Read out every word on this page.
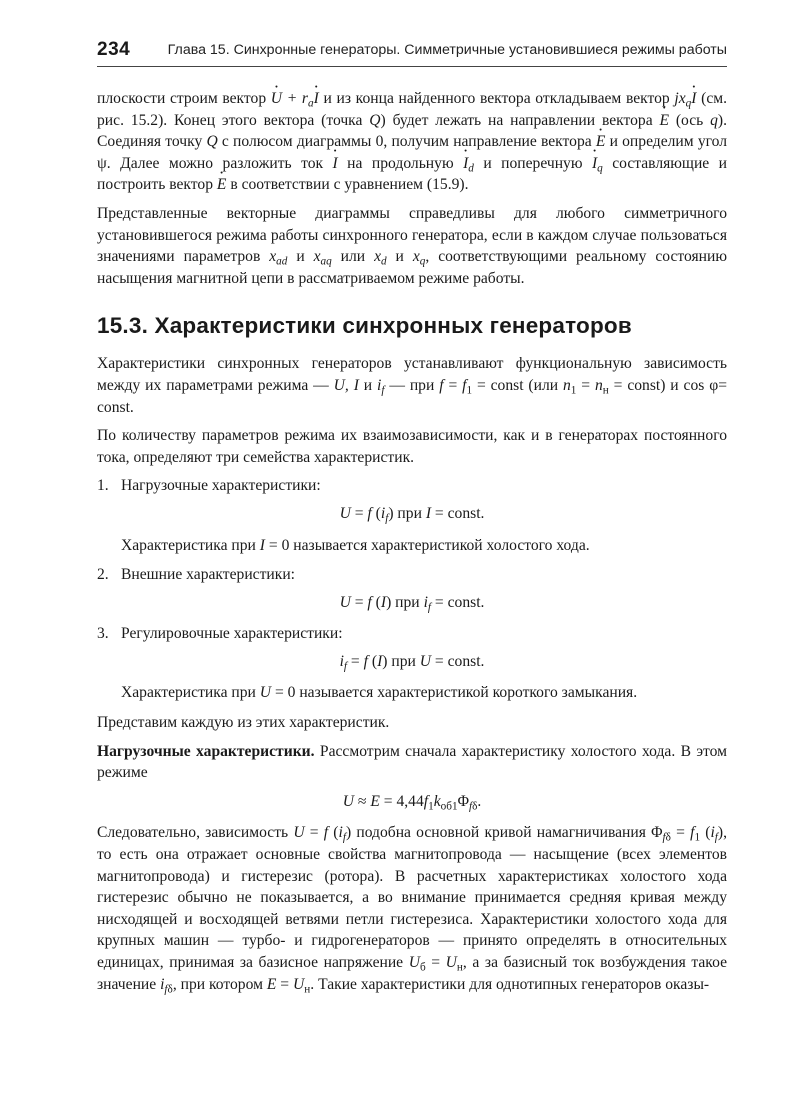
234	Глава 15. Синхронные генераторы. Симметричные установившиеся режимы работы

плоскости строим вектор · $U + r_a\cdot I$ и из конца найденного вектора откладываем вектор $jx_q\cdot I$ (см. рис. 15.2). Конец этого вектора (точка Q) будет лежать на направлении вектора · E (ось q). Соединяя точку Q с полюсом диаграммы 0, получим направление вектора · E и определим угол ψ. Далее можно разложить ток · I на продольную · $I_d$ и поперечную · $I_q$ составляющие и построить вектор · E в соответствии с уравнением (15.9).

Представленные векторные диаграммы справедливы для любого симметричного установившегося режима работы синхронного генератора, если в каждом случае пользоваться значениями параметров $x_{ad}$ и $x_{aq}$ или $x_d$ и $x_q$, соответствующими реальному состоянию насыщения магнитной цепи в рассматриваемом режиме работы.

15.3. Характеристики синхронных генераторов

Характеристики синхронных генераторов устанавливают функциональную зависимость между их параметрами режима — U, I и $i_f$ — при $f = f_1$ = const (или $n_1 = n_н$ = const) и cos φ= const.

По количеству параметров режима их взаимозависимости, как и в генераторах постоянного тока, определяют три семейства характеристик.

1. Нагрузочные характеристики:
U = f $(i_f)$ при I = const.
Характеристика при I = 0 называется характеристикой холостого хода.
2. Внешние характеристики:
U = f (I) при $i_f$ = const.
3. Регулировочные характеристики:
$i_f = f$ (I) при U = const.
Характеристика при U = 0 называется характеристикой короткого замыкания.

Представим каждую из этих характеристик.

Нагрузочные характеристики. Рассмотрим сначала характеристику холостого хода. В этом режиме

$U \approx E = 4,44f_1k_{об1}\Phi_{f\delta}$.

Следовательно, зависимость U = f $(i_f)$ подобна основной кривой намагничивания $\Phi_{f\delta} = f_1$ $(i_f)$, то есть она отражает основные свойства магнитопровода — насыщение (всех элементов магнитопровода) и гистерезис (ротора). В расчетных характеристиках холостого хода гистерезис обычно не показывается, а во внимание принимается средняя кривая между нисходящей и восходящей ветвями петли гистерезиса. Характеристики холостого хода для крупных машин — турбо- и гидрогенераторов — принято определять в относительных единицах, принимая за базисное напряжение $U_б = U_н$, а за базисный ток возбуждения такое значение $i_{f\delta}$, при котором $E = U_н$. Такие характеристики для однотипных генераторов оказы-
